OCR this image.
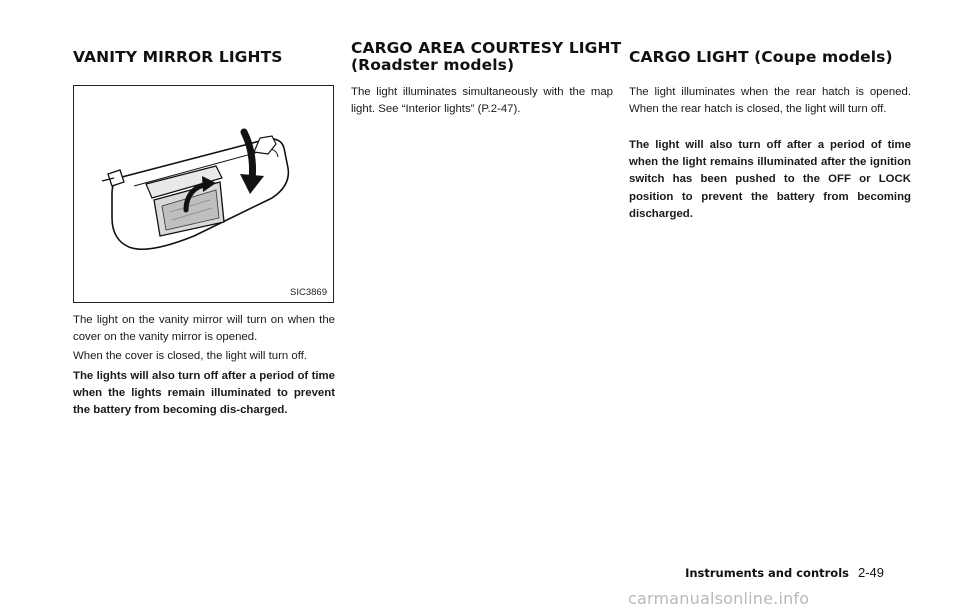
VANITY MIRROR LIGHTS
SIC3869

The light on the vanity mirror will turn on when the cover on the vanity mirror is opened.

When the cover is closed, the light will turn off.

The lights will also turn off after a period of time when the lights remain illuminated to prevent the battery from becoming dis-charged.

CARGO AREA COURTESY LIGHT
(Roadster models)

The light illuminates simultaneously with the map light. See “Interior lights” (P.2-47).

CARGO LIGHT (Coupe models)

The light illuminates when the rear hatch is opened. When the rear hatch is closed, the light will turn off.

The light will also turn off after a period of time when the light remains illuminated after the ignition switch has been pushed to the OFF or LOCK position to prevent the battery from becoming discharged.

Instruments and controls 2-49
carmanualsonline.info
